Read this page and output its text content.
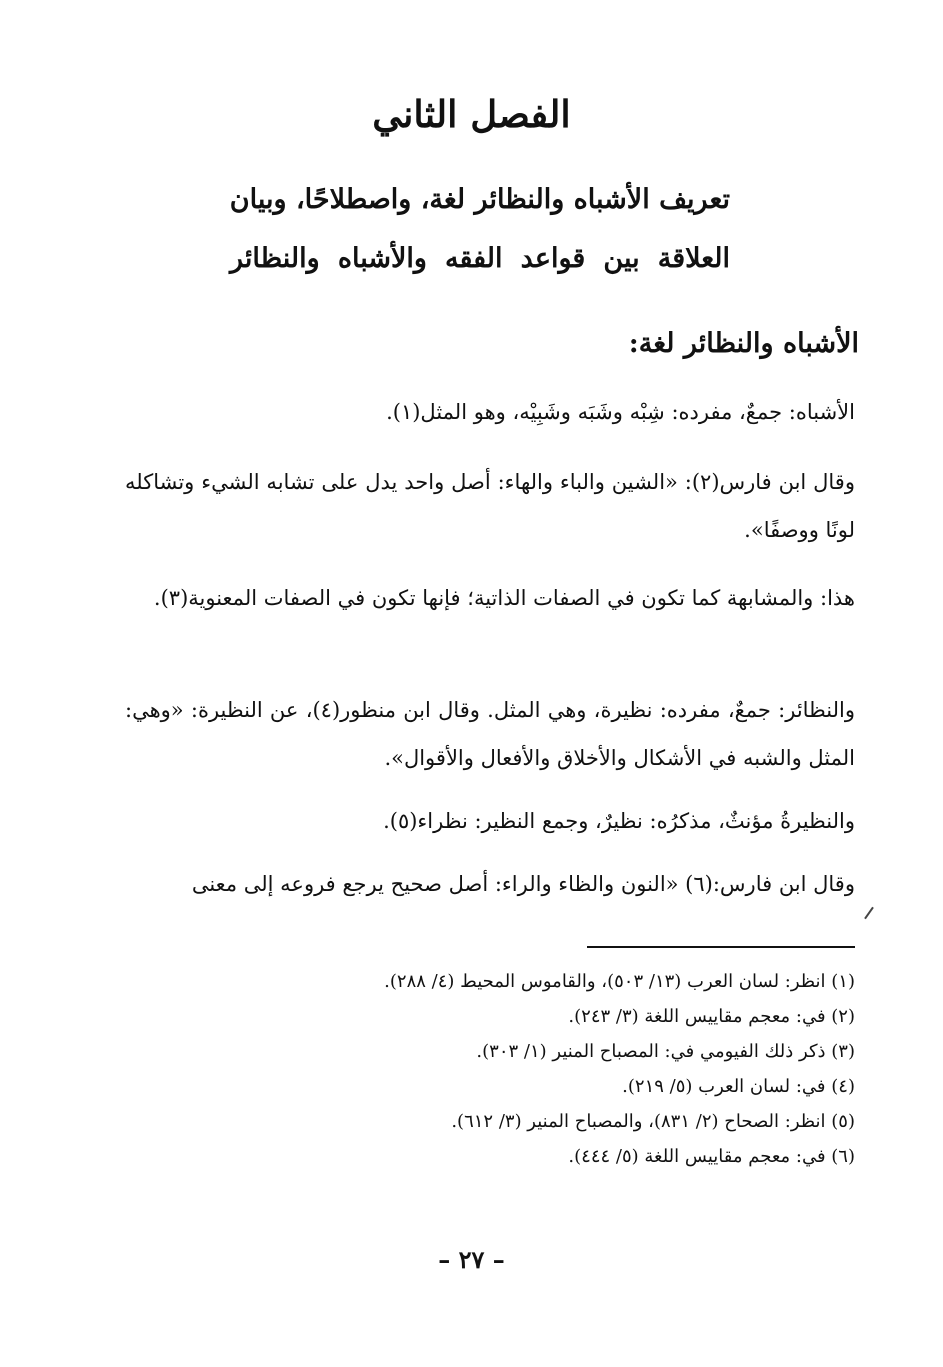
الفصل الثاني
تعريف الأشباه والنظائر لغة، واصطلاحًا، وبيان
العلاقة بين قواعد الفقه والأشباه والنظائر
الأشباه والنظائر لغة:

الأشباه: جمعٌ، مفرده: شِبْه وشَبَه وشَبِيْه، وهو المثل(١).

وقال ابن فارس(٢): «الشين والباء والهاء: أصل واحد يدل على تشابه الشيء وتشاكله لونًا ووصفًا».

هذا: والمشابهة كما تكون في الصفات الذاتية؛ فإنها تكون في الصفات المعنوية(٣).

والنظائر: جمعٌ، مفرده: نظيرة، وهي المثل. وقال ابن منظور(٤)، عن النظيرة: «وهي: المثل والشبه في الأشكال والأخلاق والأفعال والأقوال».

والنظيرةُ مؤنثٌ، مذكرُه: نظيرٌ، وجمع النظير: نظراء(٥).

وقال ابن فارس:(٦) «النون والظاء والراء: أصل صحيح يرجع فروعه إلى معنى

(١) انظر: لسان العرب (١٣/ ٥٠٣)، والقاموس المحيط (٤/ ٢٨٨).
(٢) في: معجم مقاييس اللغة (٣/ ٢٤٣).
(٣) ذكر ذلك الفيومي في: المصباح المنير (١/ ٣٠٣).
(٤) في: لسان العرب (٥/ ٢١٩).
(٥) انظر: الصحاح (٢/ ٨٣١)، والمصباح المنير (٣/ ٦١٢).
(٦) في: معجم مقاييس اللغة (٥/ ٤٤٤).

– ٢٧ –
